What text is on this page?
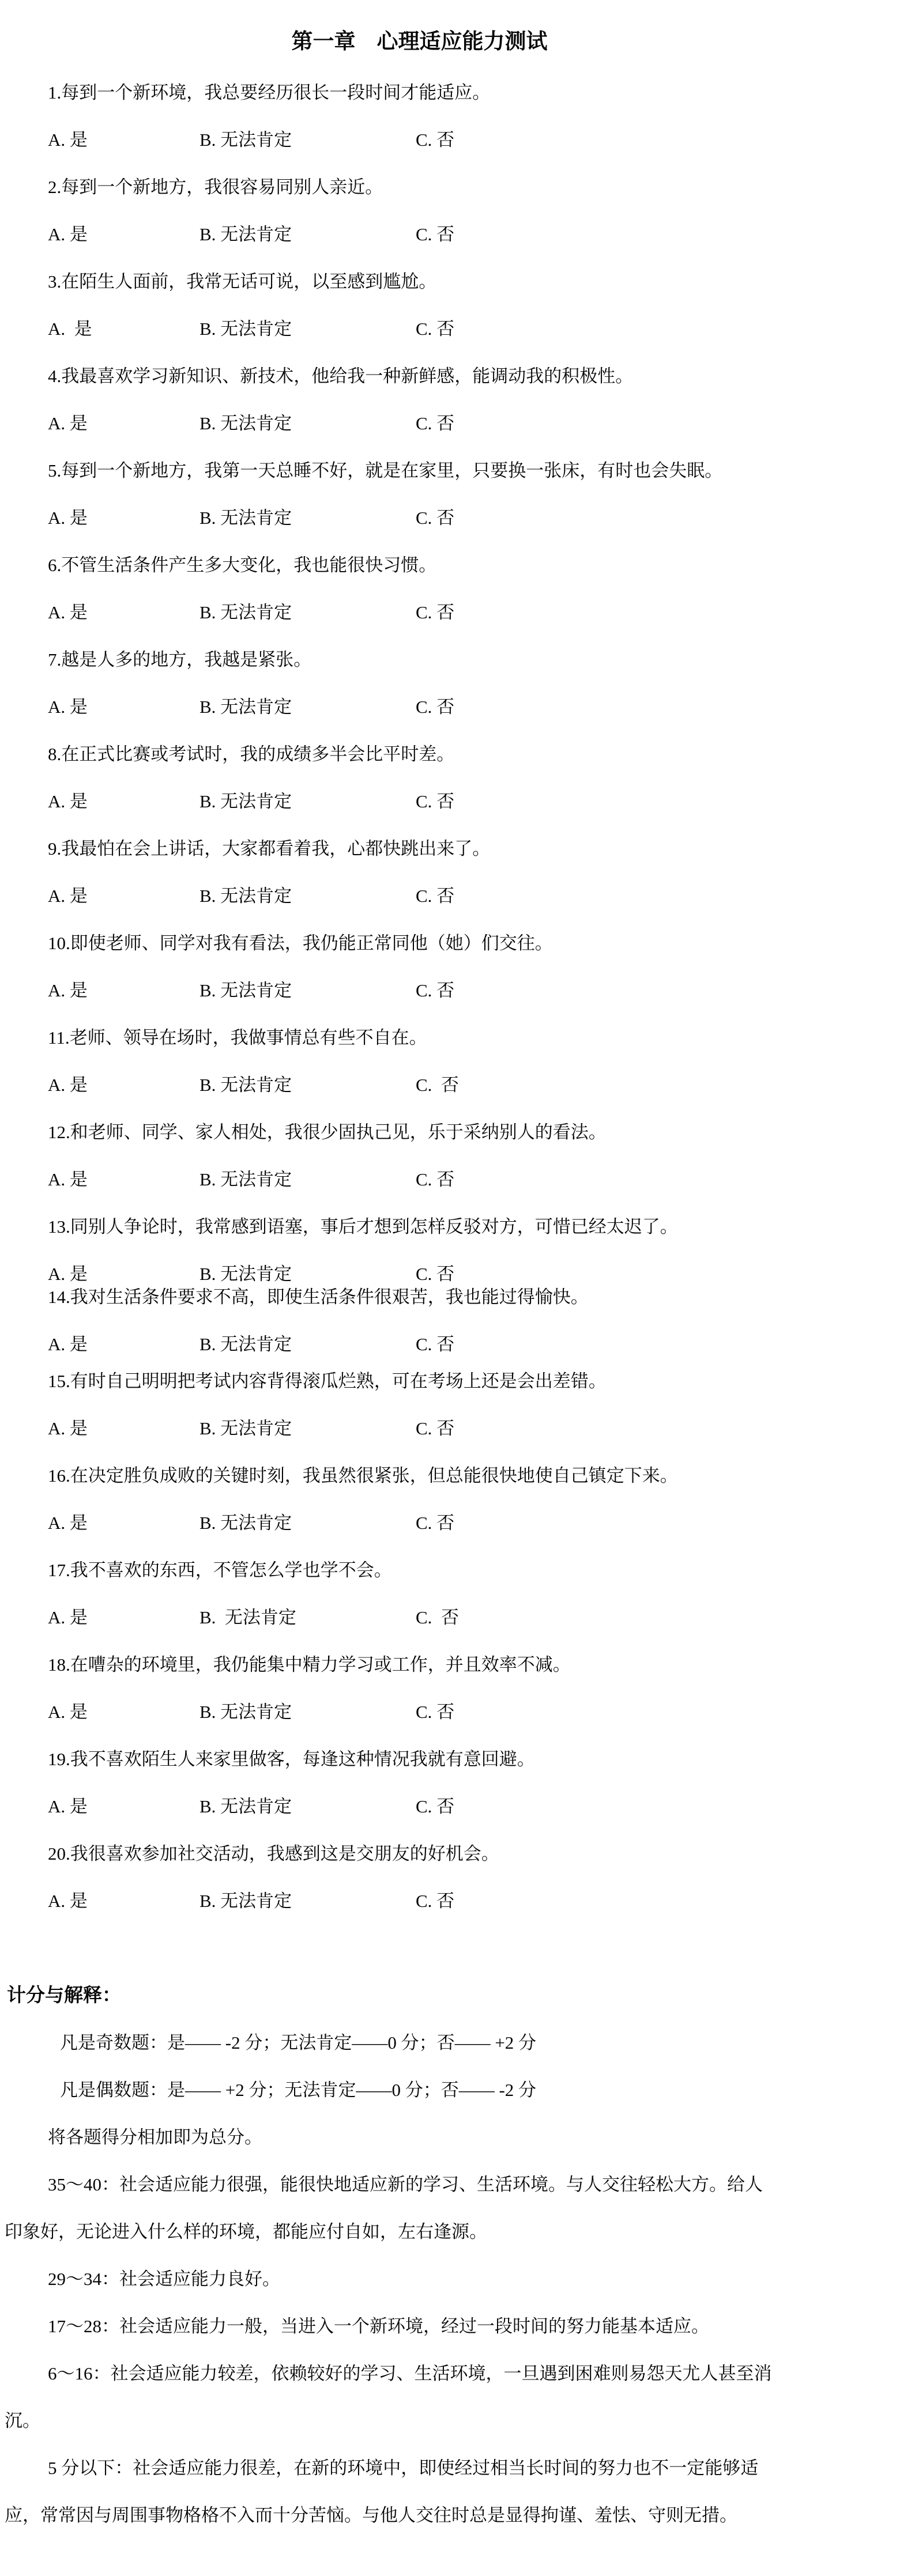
第一章　心理适应能力测试

1.每到一个新环境，我总要经历很长一段时间才能适应。

A. 是	B. 无法肯定	C. 否

2.每到一个新地方，我很容易同别人亲近。

A. 是	B. 无法肯定	C. 否

3.在陌生人面前，我常无话可说，以至感到尴尬。

A.  是	B. 无法肯定	C. 否

4.我最喜欢学习新知识、新技术，他给我一种新鲜感，能调动我的积极性。

A. 是	B. 无法肯定	C. 否

5.每到一个新地方，我第一天总睡不好，就是在家里，只要换一张床，有时也会失眠。

A. 是	B. 无法肯定	C. 否

6.不管生活条件产生多大变化，我也能很快习惯。

A. 是	B. 无法肯定	C. 否

7.越是人多的地方，我越是紧张。

A. 是	B. 无法肯定	C. 否

8.在正式比赛或考试时，我的成绩多半会比平时差。

A. 是	B. 无法肯定	C. 否

9.我最怕在会上讲话，大家都看着我，心都快跳出来了。

A. 是	B. 无法肯定	C. 否

10.即使老师、同学对我有看法，我仍能正常同他（她）们交往。

A. 是	B. 无法肯定	C. 否

11.老师、领导在场时，我做事情总有些不自在。

A. 是	B. 无法肯定	C.  否

12.和老师、同学、家人相处，我很少固执己见，乐于采纳别人的看法。

A. 是	B. 无法肯定	C. 否

13.同别人争论时，我常感到语塞，事后才想到怎样反驳对方，可惜已经太迟了。

A. 是	B. 无法肯定	C. 否

14.我对生活条件要求不高，即使生活条件很艰苦，我也能过得愉快。

A. 是	B. 无法肯定	C. 否

15.有时自己明明把考试内容背得滚瓜烂熟，可在考场上还是会出差错。

A. 是	B. 无法肯定	C. 否

16.在决定胜负成败的关键时刻，我虽然很紧张，但总能很快地使自己镇定下来。

A. 是	B. 无法肯定	C. 否

17.我不喜欢的东西，不管怎么学也学不会。

A. 是	B.  无法肯定	C.  否

18.在嘈杂的环境里，我仍能集中精力学习或工作，并且效率不减。

A. 是	B. 无法肯定	C. 否

19.我不喜欢陌生人来家里做客，每逢这种情况我就有意回避。

A. 是	B. 无法肯定	C. 否

20.我很喜欢参加社交活动，我感到这是交朋友的好机会。

A. 是	B. 无法肯定	C. 否

计分与解释：

凡是奇数题：是—— -2 分；无法肯定——0 分；否—— +2 分

凡是偶数题：是—— +2 分；无法肯定——0 分；否—— -2 分

将各题得分相加即为总分。

35～40：社会适应能力很强，能很快地适应新的学习、生活环境。与人交往轻松大方。给人
印象好，无论进入什么样的环境，都能应付自如，左右逢源。
29～34：社会适应能力良好。
17～28：社会适应能力一般，当进入一个新环境，经过一段时间的努力能基本适应。
6～16：社会适应能力较差，依赖较好的学习、生活环境，一旦遇到困难则易怨天尤人甚至消
沉。
5 分以下：社会适应能力很差，在新的环境中，即使经过相当长时间的努力也不一定能够适
应，常常因与周围事物格格不入而十分苦恼。与他人交往时总是显得拘谨、羞怯、守则无措。
